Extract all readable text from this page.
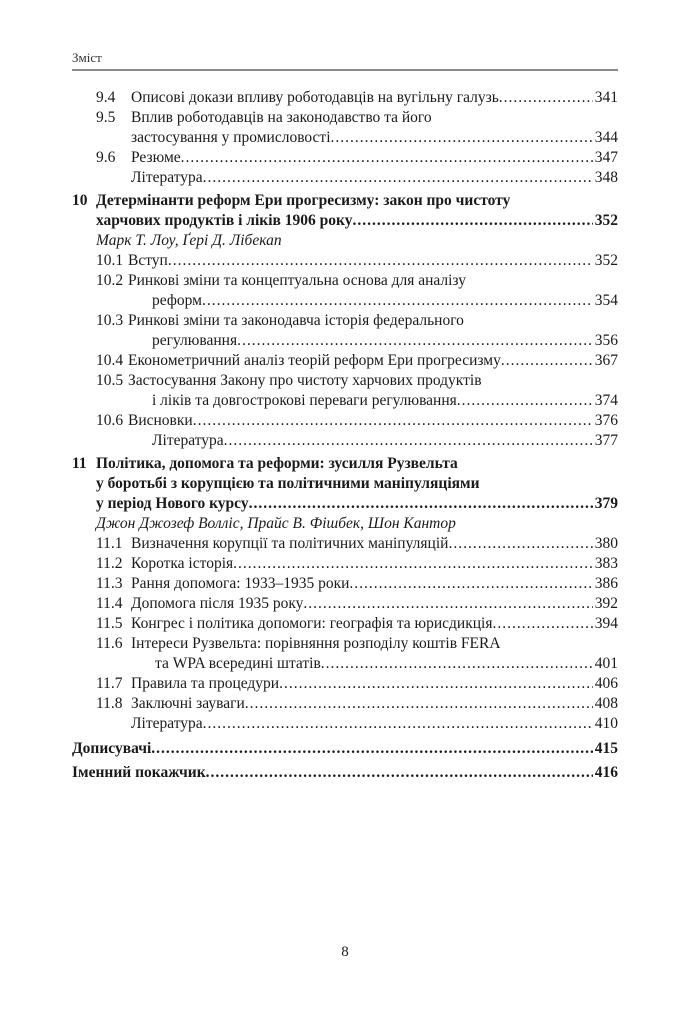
Зміст
9.4 Описові докази впливу роботодавців на вугільну галузь .....	341
9.5	Вплив роботодавців на законодавство та його
застосування у промисловості .....	344
9.6 Резюме .....	347
Література .....	348
10 Детермінанти реформ Ери прогресизму: закон про чистоту
харчових продуктів і ліків 1906 року .....	352
Марк Т. Лоу, Ґері Д. Лібекап
10.1 Вступ .....	352
10.2 Ринкові зміни та концептуальна основа для аналізу
реформ .....	354
10.3 Ринкові зміни та законодавча історія федерального
регулювання .....	356
10.4 Економетричний аналіз теорій реформ Ери прогресизму .....	367
10.5 Застосування Закону про чистоту харчових продуктів
і ліків та довгострокові переваги регулювання .....	374
10.6 Висновки .....	376
Література .....	377
11 Політика, допомога та реформи: зусилля Рузвельта
у боротьбі з корупцією та політичними маніпуляціями
у період Нового курсу .....	379
Джон Джозеф Волліс, Прайс В. Фішбек, Шон Кантор
11.1 Визначення корупції та політичних маніпуляцій .....	380
11.2 Коротка історія .....	383
11.3 Рання допомога: 1933–1935 роки .....	386
11.4 Допомога після 1935 року .....	392
11.5 Конгрес і політика допомоги: географія та юрисдикція .....	394
11.6 Інтереси Рузвельта: порівняння розподілу коштів FERA
та WPA всередині штатів .....	401
11.7 Правила та процедури .....	406
11.8 Заключні зауваги .....	408
Література .....	410
Дописувачі .....	415
Іменний покажчик .....	416
8
